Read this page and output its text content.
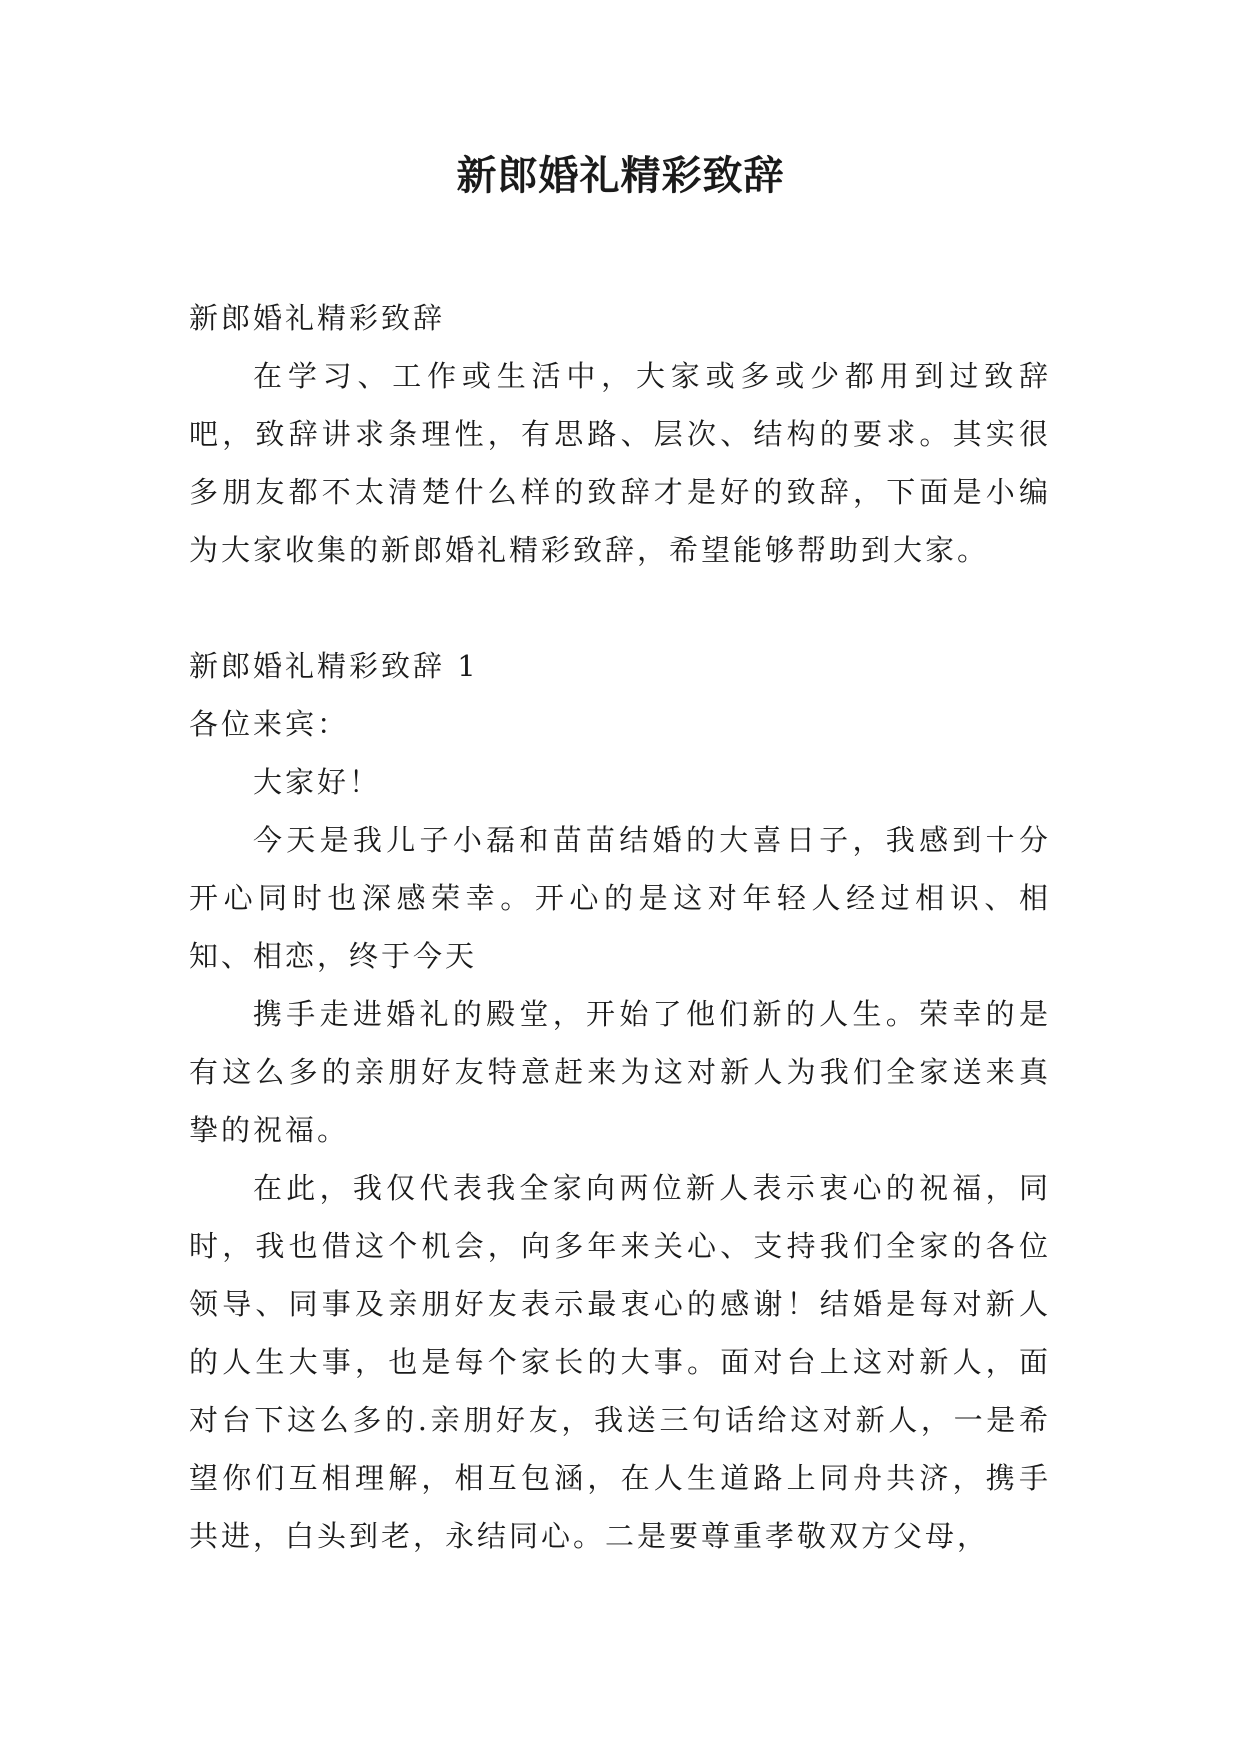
新郎婚礼精彩致辞

新郎婚礼精彩致辞

在学习、工作或生活中，大家或多或少都用到过致辞吧，致辞讲求条理性，有思路、层次、结构的要求。其实很多朋友都不太清楚什么样的致辞才是好的致辞，下面是小编为大家收集的新郎婚礼精彩致辞，希望能够帮助到大家。

新郎婚礼精彩致辞 1

各位来宾：

大家好！

今天是我儿子小磊和苗苗结婚的大喜日子，我感到十分开心同时也深感荣幸。开心的是这对年轻人经过相识、相知、相恋，终于今天

携手走进婚礼的殿堂，开始了他们新的人生。荣幸的是有这么多的亲朋好友特意赶来为这对新人为我们全家送来真挚的祝福。

在此，我仅代表我全家向两位新人表示衷心的祝福，同时，我也借这个机会，向多年来关心、支持我们全家的各位领导、同事及亲朋好友表示最衷心的感谢！结婚是每对新人的人生大事，也是每个家长的大事。面对台上这对新人，面对台下这么多的.亲朋好友，我送三句话给这对新人，一是希望你们互相理解，相互包涵，在人生道路上同舟共济，携手共进，白头到老，永结同心。二是要尊重孝敬双方父母，
